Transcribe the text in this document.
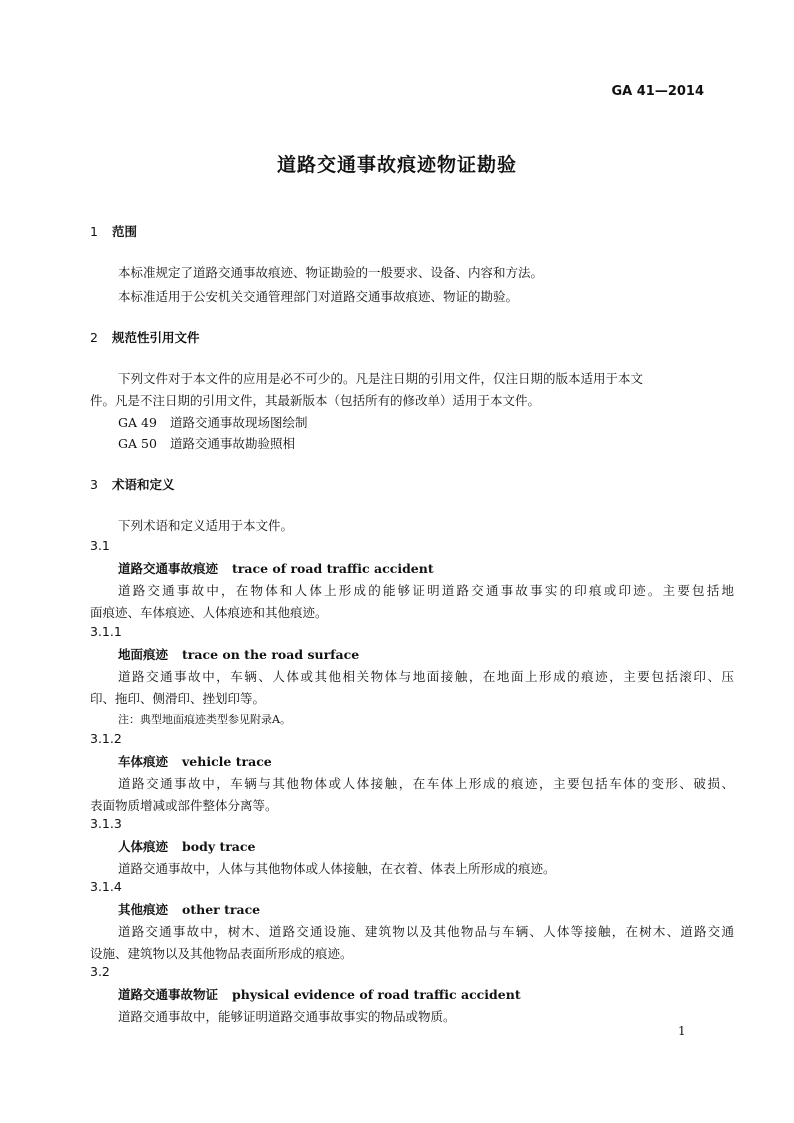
GA 41—2014
道路交通事故痕迹物证勘验
1 范围
本标准规定了道路交通事故痕迹、物证勘验的一般要求、设备、内容和方法。
本标准适用于公安机关交通管理部门对道路交通事故痕迹、物证的勘验。
2 规范性引用文件
下列文件对于本文件的应用是必不可少的。凡是注日期的引用文件，仅注日期的版本适用于本文
件。凡是不注日期的引用文件，其最新版本（包括所有的修改单）适用于本文件。
GA 49 道路交通事故现场图绘制
GA 50 道路交通事故勘验照相
3 术语和定义
下列术语和定义适用于本文件。
3.1
道路交通事故痕迹 trace of road traffic accident
道路交通事故中，在物体和人体上形成的能够证明道路交通事故事实的印痕或印迹。主要包括地
面痕迹、车体痕迹、人体痕迹和其他痕迹。
3.1.1
地面痕迹 trace on the road surface
道路交通事故中，车辆、人体或其他相关物体与地面接触，在地面上形成的痕迹，主要包括滚印、压
印、拖印、侧滑印、挫划印等。
注：典型地面痕迹类型参见附录A。
3.1.2
车体痕迹 vehicle trace
道路交通事故中，车辆与其他物体或人体接触，在车体上形成的痕迹，主要包括车体的变形、破损、
表面物质增减或部件整体分离等。
3.1.3
人体痕迹 body trace
道路交通事故中，人体与其他物体或人体接触，在衣着、体表上所形成的痕迹。
3.1.4
其他痕迹 other trace
道路交通事故中，树木、道路交通设施、建筑物以及其他物品与车辆、人体等接触，在树木、道路交通
设施、建筑物以及其他物品表面所形成的痕迹。
3.2
道路交通事故物证 physical evidence of road traffic accident
道路交通事故中，能够证明道路交通事故事实的物品或物质。
1
